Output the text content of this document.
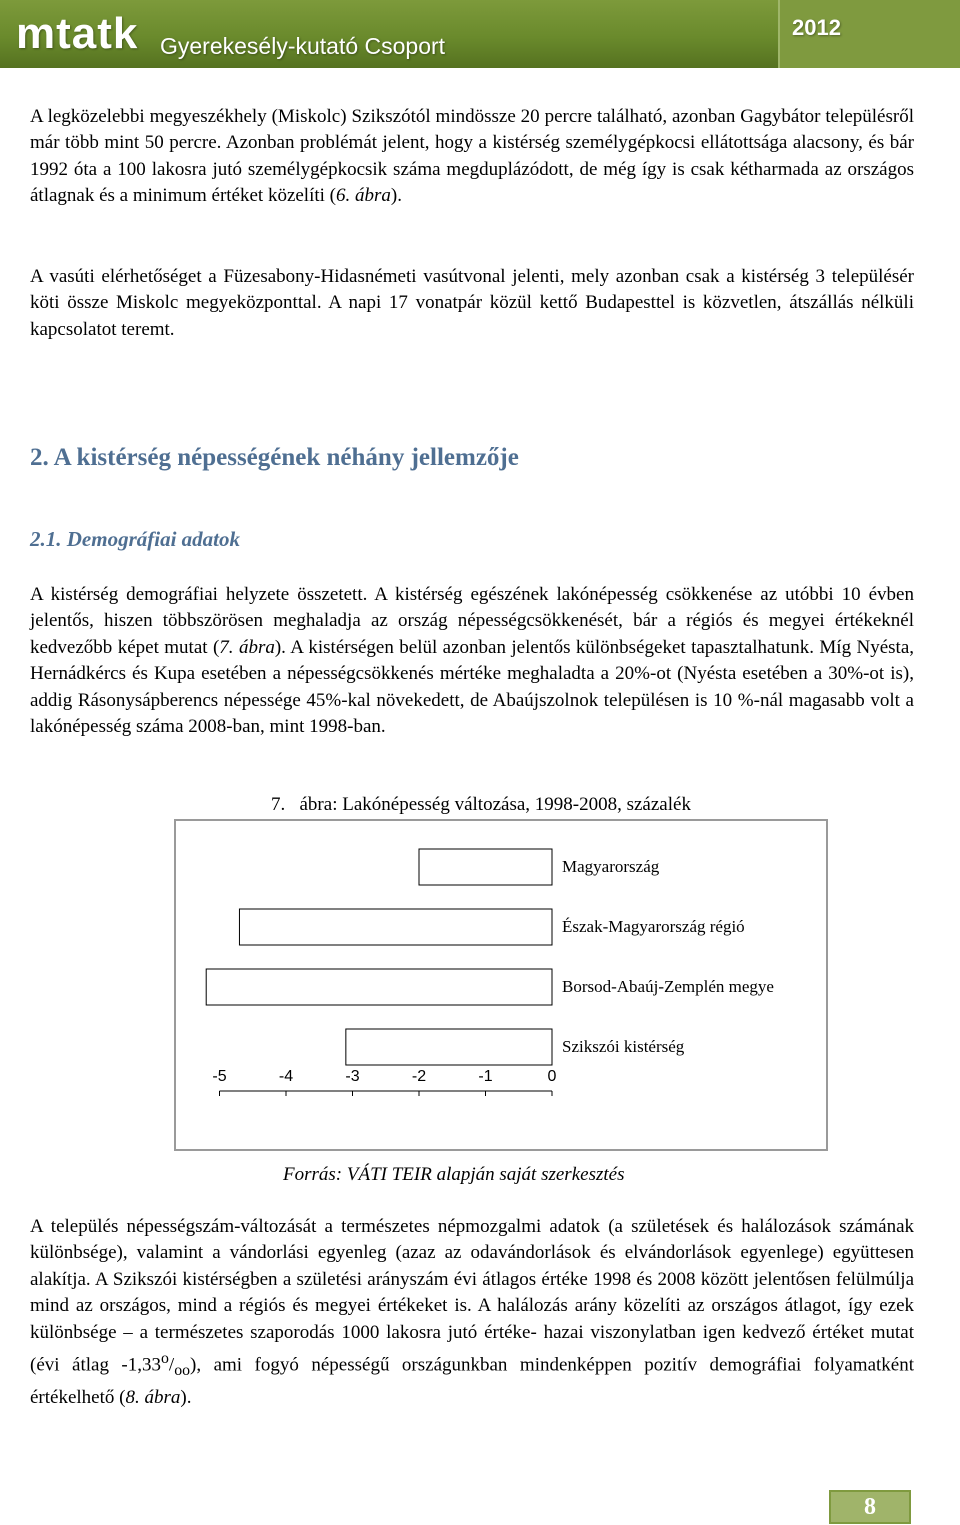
mtatk Gyerekesély-kutató Csoport
2012

A legközelebbi megyeszékhely (Miskolc) Szikszótól mindössze 20 percre található, azonban Gagybátor településről már több mint 50 percre. Azonban problémát jelent, hogy a kistérség személygépkocsi ellátottsága alacsony, és bár 1992 óta a 100 lakosra jutó személygépkocsik száma megduplázódott, de még így is csak kétharmada az országos átlagnak és a minimum értéket közelíti (6. ábra).

A vasúti elérhetőséget a Füzesabony-Hidasnémeti vasútvonal jelenti, mely azonban csak a kistérség 3 településér köti össze Miskolc megyeközponttal. A napi 17 vonatpár közül kettő Budapesttel is közvetlen, átszállás nélküli kapcsolatot teremt.

2. A kistérség népességének néhány jellemzője
2.1. Demográfiai adatok

A kistérség demográfiai helyzete összetett. A kistérség egészének lakónépesség csökkenése az utóbbi 10 évben jelentős, hiszen többszörösen meghaladja az ország népességcsökkenését, bár a régiós és megyei értékeknél kedvezőbb képet mutat (7. ábra). A kistérségen belül azonban jelentős különbségeket tapasztalhatunk. Míg Nyésta, Hernádkércs és Kupa esetében a népességcsökkenés mértéke meghaladta a 20%-ot (Nyésta esetében a 30%-ot is), addig Rásonysápberencs népessége 45%-kal növekedett, de Abaújszolnok településen is 10 %-nál magasabb volt a lakónépesség száma 2008-ban, mint 1998-ban.

7. ábra: Lakónépesség változása, 1998-2008, százalék

Magyarország
Észak-Magyarország régió
Borsod-Abaúj-Zemplén megye
Szikszói kistérség
-5	-4	-3	-2	-1	0

Forrás: VÁTI TEIR alapján saját szerkesztés

A település népességszám-változását a természetes népmozgalmi adatok (a születések és halálozások számának különbsége), valamint a vándorlási egyenleg (azaz az odavándorlások és elvándorlások egyenlege) együttesen alakítja. A Szikszói kistérségben a születési arányszám évi átlagos értéke 1998 és 2008 között jelentősen felülmúlja mind az országos, mind a régiós és megyei értékeket is. A halálozás arány közelíti az országos átlagot, így ezek különbsége – a természetes szaporodás 1000 lakosra jutó értéke- hazai viszonylatban igen kedvező értéket mutat (évi átlag $-1,33^o/_{oo}$), ami fogyó népességű országunkban mindenképpen pozitív demográfiai folyamatként értékelhető (8. ábra).

8
